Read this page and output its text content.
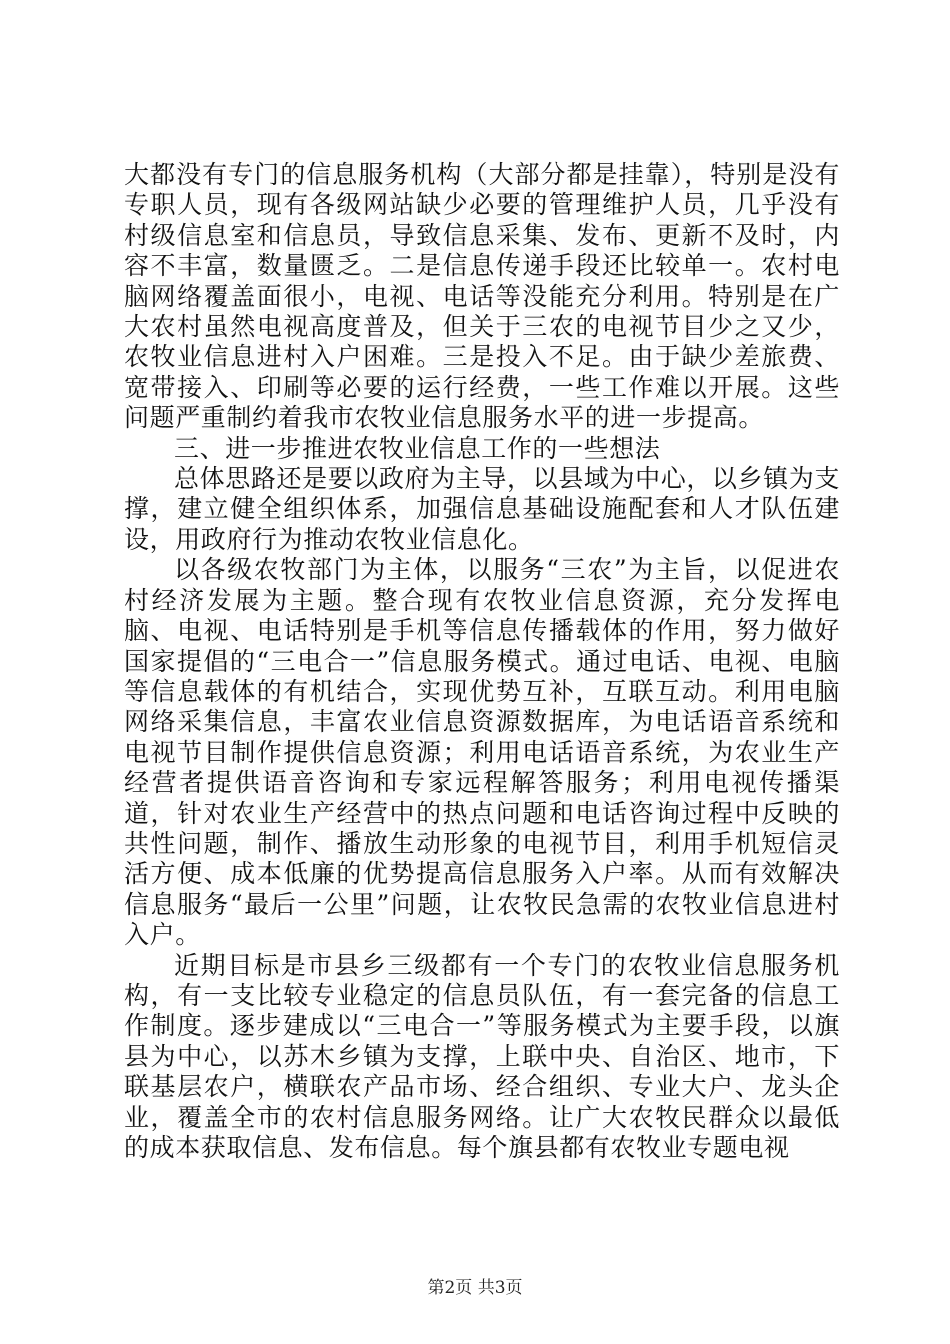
大都没有专门的信息服务机构（大部分都是挂靠），特别是没有专职人员，现有各级网站缺少必要的管理维护人员，几乎没有村级信息室和信息员，导致信息采集、发布、更新不及时，内容不丰富，数量匮乏。二是信息传递手段还比较单一。农村电脑网络覆盖面很小，电视、电话等没能充分利用。特别是在广大农村虽然电视高度普及，但关于三农的电视节目少之又少，农牧业信息进村入户困难。三是投入不足。由于缺少差旅费、宽带接入、印刷等必要的运行经费，一些工作难以开展。这些问题严重制约着我市农牧业信息服务水平的进一步提高。

三、进一步推进农牧业信息工作的一些想法

总体思路还是要以政府为主导，以县域为中心，以乡镇为支撑，建立健全组织体系，加强信息基础设施配套和人才队伍建设，用政府行为推动农牧业信息化。

以各级农牧部门为主体，以服务“三农”为主旨，以促进农村经济发展为主题。整合现有农牧业信息资源，充分发挥电脑、电视、电话特别是手机等信息传播载体的作用，努力做好国家提倡的“三电合一”信息服务模式。通过电话、电视、电脑等信息载体的有机结合，实现优势互补，互联互动。利用电脑网络采集信息，丰富农业信息资源数据库，为电话语音系统和电视节目制作提供信息资源；利用电话语音系统，为农业生产经营者提供语音咨询和专家远程解答服务；利用电视传播渠道，针对农业生产经营中的热点问题和电话咨询过程中反映的共性问题，制作、播放生动形象的电视节目，利用手机短信灵活方便、成本低廉的优势提高信息服务入户率。从而有效解决信息服务“最后一公里”问题，让农牧民急需的农牧业信息进村入户。

近期目标是市县乡三级都有一个专门的农牧业信息服务机构，有一支比较专业稳定的信息员队伍，有一套完备的信息工作制度。逐步建成以“三电合一”等服务模式为主要手段，以旗县为中心，以苏木乡镇为支撑，上联中央、自治区、地市，下联基层农户，横联农产品市场、经合组织、专业大户、龙头企业，覆盖全市的农村信息服务网络。让广大农牧民群众以最低的成本获取信息、发布信息。每个旗县都有农牧业专题电视

第2页 共3页
